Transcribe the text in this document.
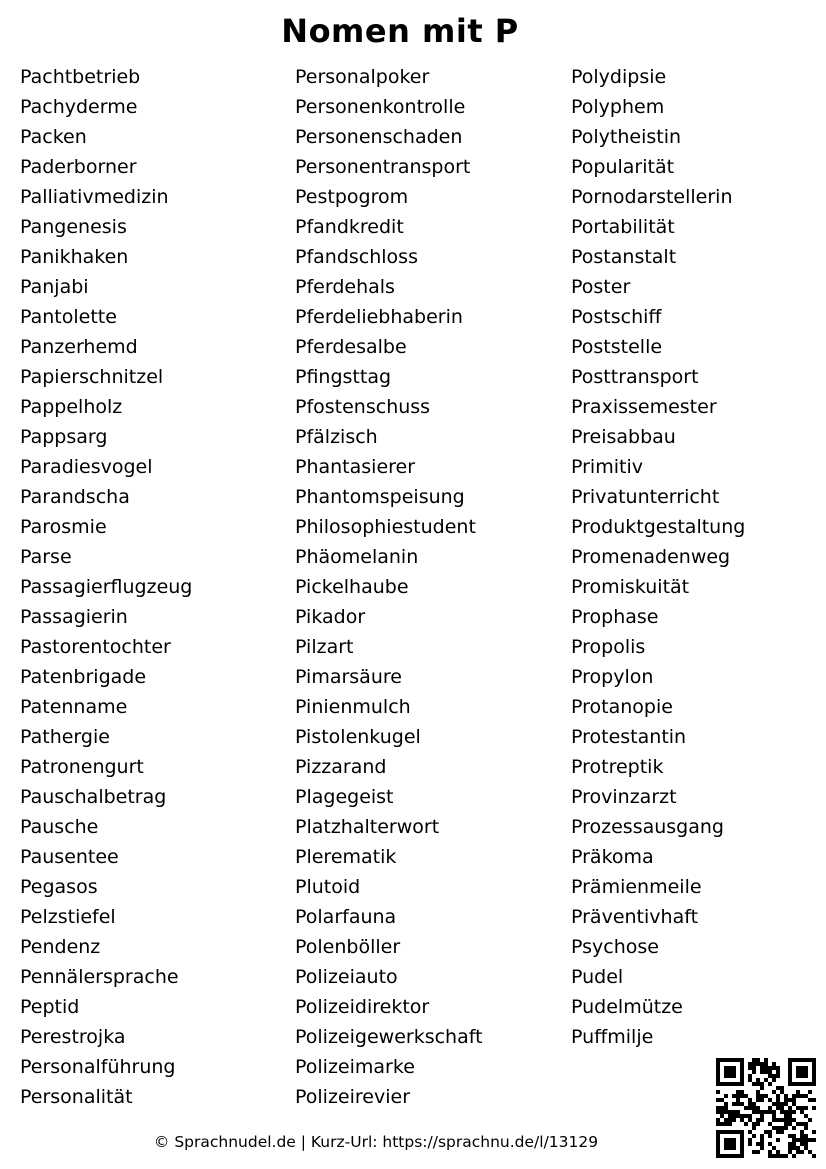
Nomen mit P
Pachtbetrieb
Pachyderme
Packen
Paderborner
Palliativmedizin
Pangenesis
Panikhaken
Panjabi
Pantolette
Panzerhemd
Papierschnitzel
Pappelholz
Pappsarg
Paradiesvogel
Parandscha
Parosmie
Parse
Passagierflugzeug
Passagierin
Pastorentochter
Patenbrigade
Patenname
Pathergie
Patronengurt
Pauschalbetrag
Pausche
Pausentee
Pegasos
Pelzstiefel
Pendenz
Pennälersprache
Peptid
Perestrojka
Personalführung
Personalität
Personalpoker
Personenkontrolle
Personenschaden
Personentransport
Pestpogrom
Pfandkredit
Pfandschloss
Pferdehals
Pferdeliebhaberin
Pferdesalbe
Pfingsttag
Pfostenschuss
Pfälzisch
Phantasierer
Phantomspeisung
Philosophiestudent
Phäomelanin
Pickelhaube
Pikador
Pilzart
Pimarsäure
Pinienmulch
Pistolenkugel
Pizzarand
Plagegeist
Platzhalterwort
Plerematik
Plutoid
Polarfauna
Polenböller
Polizeiauto
Polizeidirektor
Polizeigewerkschaft
Polizeimarke
Polizeirevier
Polydipsie
Polyphem
Polytheistin
Popularität
Pornodarstellerin
Portabilität
Postanstalt
Poster
Postschiff
Poststelle
Posttransport
Praxissemester
Preisabbau
Primitiv
Privatunterricht
Produktgestaltung
Promenadenweg
Promiskuität
Prophase
Propolis
Propylon
Protanopie
Protestantin
Protreptik
Provinzarzt
Prozessausgang
Präkoma
Prämienmeile
Präventivhaft
Psychose
Pudel
Pudelmütze
Puffmilje
© Sprachnudel.de | Kurz-Url: https://sprachnu.de/l/13129
